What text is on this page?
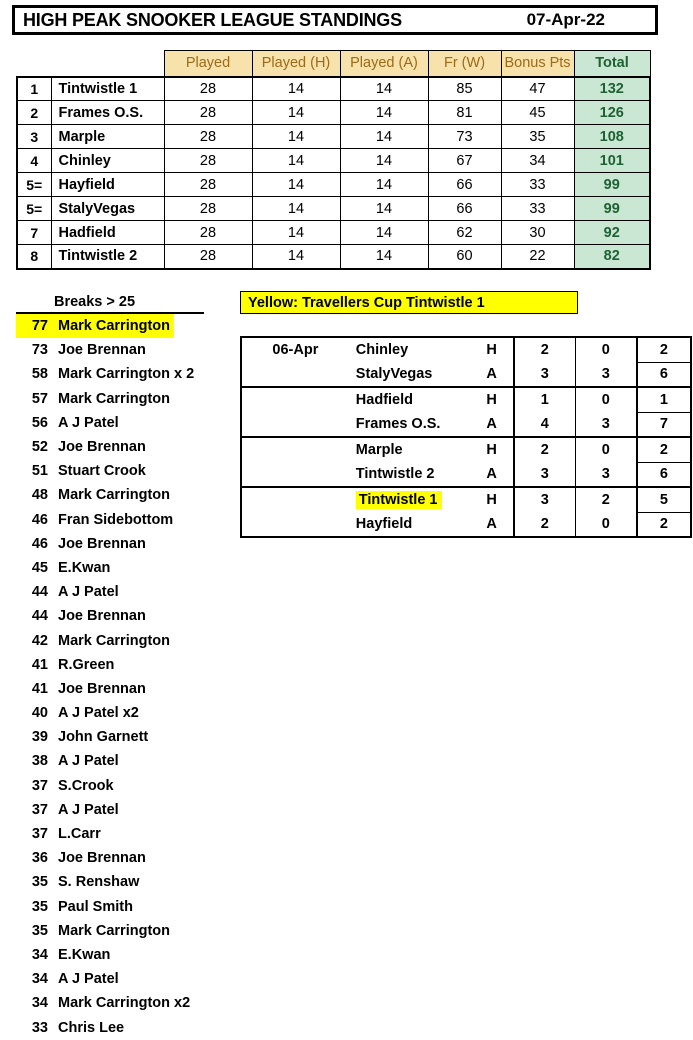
HIGH PEAK SNOOKER LEAGUE STANDINGS	07-Apr-22
		Played	Played (H)	Played (A)	Fr (W)	Bonus Pts	Total
1	Tintwistle 1	28	14	14	85	47	132
2	Frames O.S.	28	14	14	81	45	126
3	Marple	28	14	14	73	35	108
4	Chinley	28	14	14	67	34	101
5=	Hayfield	28	14	14	66	33	99
5=	StalyVegas	28	14	14	66	33	99
7	Hadfield	28	14	14	62	30	92
8	Tintwistle 2	28	14	14	60	22	82
Breaks > 25
77 Mark Carrington
73 Joe Brennan
58 Mark Carrington x 2
57 Mark Carrington
56 A J Patel
52 Joe Brennan
51 Stuart Crook
48 Mark Carrington
46 Fran Sidebottom
46 Joe Brennan
45 E.Kwan
44 A J Patel
44 Joe Brennan
42 Mark Carrington
41 R.Green
41 Joe Brennan
40 A J Patel x2
39 John Garnett
38 A J Patel
37 S.Crook
37 A J Patel
37 L.Carr
36 Joe Brennan
35 S. Renshaw
35 Paul Smith
35 Mark Carrington
34 E.Kwan
34 A J Patel
34 Mark Carrington x2
33 Chris Lee
Yellow: Travellers Cup Tintwistle 1
06-Apr	Chinley	H	2	0	2
	StalyVegas	A	3	3	6
	Hadfield	H	1	0	1
	Frames O.S.	A	4	3	7
	Marple	H	2	0	2
	Tintwistle 2	A	3	3	6
	Tintwistle 1	H	3	2	5
	Hayfield	A	2	0	2
